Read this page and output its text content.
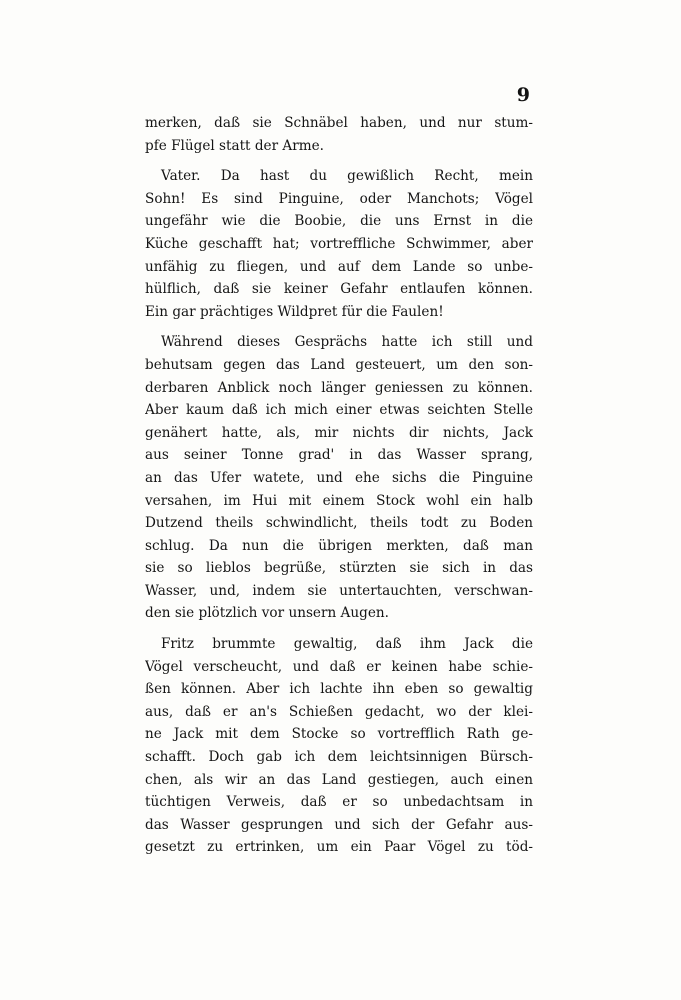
9
merken, daß sie Schnäbel haben, und nur stum-
pfe Flügel statt der Arme.
Vater. Da hast du gewißlich Recht, mein
Sohn! Es sind Pinguine, oder Manchots; Vögel
ungefähr wie die Boobie, die uns Ernst in die
Küche geschafft hat; vortreffliche Schwimmer, aber
unfähig zu fliegen, und auf dem Lande so unbe-
hülflich, daß sie keiner Gefahr entlaufen können.
Ein gar prächtiges Wildpret für die Faulen!
Während dieses Gesprächs hatte ich still und
behutsam gegen das Land gesteuert, um den son-
derbaren Anblick noch länger geniessen zu können.
Aber kaum daß ich mich einer etwas seichten Stelle
genähert hatte, als, mir nichts dir nichts, Jack
aus seiner Tonne grad' in das Wasser sprang,
an das Ufer watete, und ehe sichs die Pinguine
versahen, im Hui mit einem Stock wohl ein halb
Dutzend theils schwindlicht, theils todt zu Boden
schlug. Da nun die übrigen merkten, daß man
sie so lieblos begrüße, stürzten sie sich in das
Wasser, und, indem sie untertauchten, verschwan-
den sie plötzlich vor unsern Augen.
Fritz brummte gewaltig, daß ihm Jack die
Vögel verscheucht, und daß er keinen habe schie-
ßen können. Aber ich lachte ihn eben so gewaltig
aus, daß er an's Schießen gedacht, wo der klei-
ne Jack mit dem Stocke so vortrefflich Rath ge-
schafft. Doch gab ich dem leichtsinnigen Bürsch-
chen, als wir an das Land gestiegen, auch einen
tüchtigen Verweis, daß er so unbedachtsam in
das Wasser gesprungen und sich der Gefahr aus-
gesetzt zu ertrinken, um ein Paar Vögel zu töd-
